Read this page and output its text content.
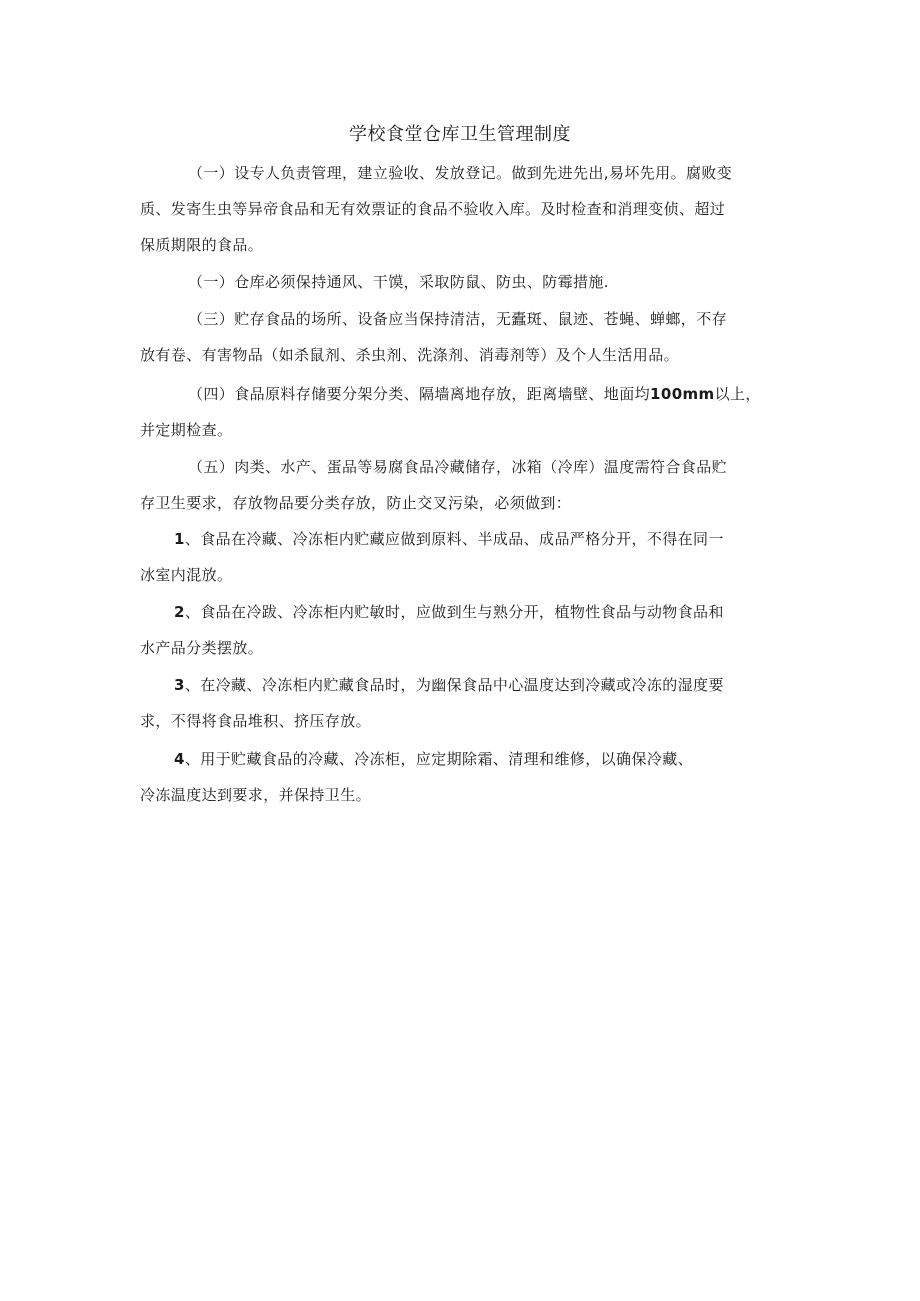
学校食堂仓库卫生管理制度
（一）设专人负责管理，建立验收、发放登记。做到先进先出,易坏先用。腐败变
质、发寄生虫等异帝食品和无有效票证的食品不验收入库。及时检查和消理变侦、超过
保质期限的食品。
（一）仓库必须保持通风、干馍，采取防鼠、防虫、防霉措施.
（三）贮存食品的场所、设备应当保持清洁，无蠹斑、鼠迹、苍蝇、蝉螂，不存
放有卷、有害物品（如杀鼠剂、杀虫剂、洗涤剂、消毒剂等）及个人生活用品。
（四）食品原料存储要分架分类、隔墙离地存放，距离墙壁、地面均100mm以上，
并定期检查。
（五）肉类、水产、蛋品等易腐食品冷藏储存，冰箱（冷库）温度需符合食品贮
存卫生要求，存放物品要分类存放，防止交叉污染，必须做到：
1、食品在冷藏、冷冻柜内贮藏应做到原料、半成品、成品严格分开，不得在同一
冰室内混放。
2、食品在冷跋、冷冻柜内贮敏时，应做到生与熟分开，植物性食品与动物食品和
水产品分类摆放。
3、在冷藏、冷冻柜内贮藏食品时，为幽保食品中心温度达到冷藏或冷冻的湿度要
求，不得将食品堆积、挤压存放。
4、用于贮藏食品的冷藏、冷冻柜，应定期除霜、清理和维修，以确保冷藏、
冷冻温度达到要求，并保持卫生。
